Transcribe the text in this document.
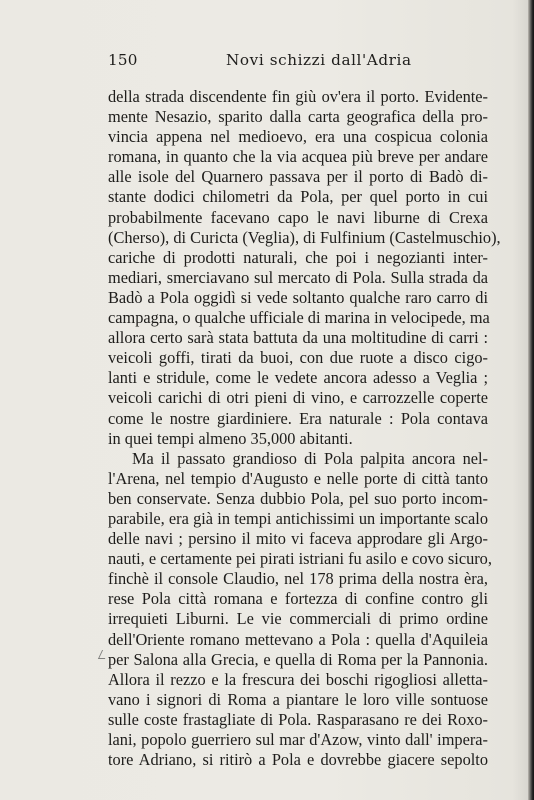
150	Novi schizzi dall'Adria
della strada discendente fin giù ov'era il porto. Evidente-
mente Nesazio, sparito dalla carta geografica della pro-
vincia appena nel medioevo, era una cospicua colonia
romana, in quanto che la via acquea più breve per andare
alle isole del Quarnero passava per il porto di Badò di-
stante dodici chilometri da Pola, per quel porto in cui
probabilmente facevano capo le navi liburne di Crexa
(Cherso), di Curicta (Veglia), di Fulfinium (Castelmuschio),
cariche di prodotti naturali, che poi i negozianti inter-
mediari, smerciavano sul mercato di Pola. Sulla strada da
Badò a Pola oggidì si vede soltanto qualche raro carro di
campagna, o qualche ufficiale di marina in velocipede, ma
allora certo sarà stata battuta da una moltitudine di carri :
veicoli goffi, tirati da buoi, con due ruote a disco cigo-
lanti e stridule, come le vedete ancora adesso a Veglia ;
veicoli carichi di otri pieni di vino, e carrozzelle coperte
come le nostre giardiniere. Era naturale : Pola contava
in quei tempi almeno 35,000 abitanti.
Ma il passato grandioso di Pola palpita ancora nel-
l'Arena, nel tempio d'Augusto e nelle porte di città tanto
ben conservate. Senza dubbio Pola, pel suo porto incom-
parabile, era già in tempi antichissimi un importante scalo
delle navi ; persino il mito vi faceva approdare gli Argo-
nauti, e certamente pei pirati istriani fu asilo e covo sicuro,
finchè il console Claudio, nel 178 prima della nostra èra,
rese Pola città romana e fortezza di confine contro gli
irrequieti Liburni. Le vie commerciali di primo ordine
dell'Oriente romano mettevano a Pola : quella d'Aquileia
per Salona alla Grecia, e quella di Roma per la Pannonia.
Allora il rezzo e la frescura dei boschi rigogliosi alletta-
vano i signori di Roma a piantare le loro ville sontuose
sulle coste frastagliate di Pola. Rasparasano re dei Roxo-
lani, popolo guerriero sul mar d'Azow, vinto dall' impera-
tore Adriano, si ritirò a Pola e dovrebbe giacere sepolto
